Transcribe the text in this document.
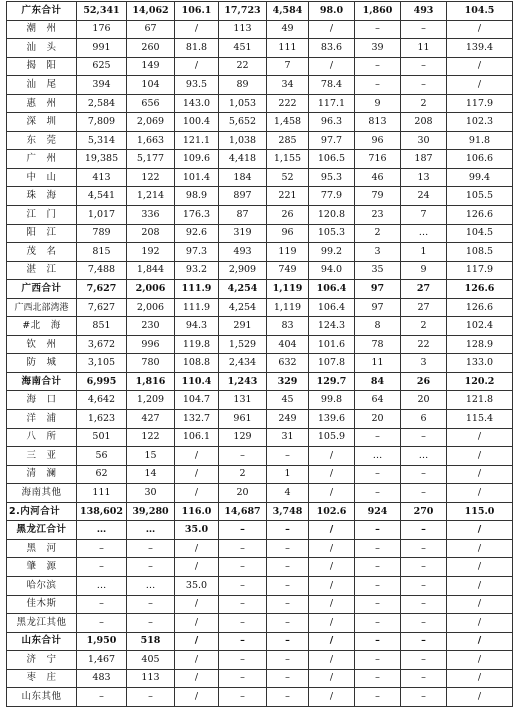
广东合计	52,341	14,062	106.1	17,723	4,584	98.0	1,860	493	104.5
潮　州	176	67	/	113	49	/	–	–	/
汕　头	991	260	81.8	451	111	83.6	39	11	139.4
揭　阳	625	149	/	22	7	/	–	–	/
汕　尾	394	104	93.5	89	34	78.4	–	–	/
惠　州	2,584	656	143.0	1,053	222	117.1	9	2	117.9
深　圳	7,809	2,069	100.4	5,652	1,458	96.3	813	208	102.3
东　莞	5,314	1,663	121.1	1,038	285	97.7	96	30	91.8
广　州	19,385	5,177	109.6	4,418	1,155	106.5	716	187	106.6
中　山	413	122	101.4	184	52	95.3	46	13	99.4
珠　海	4,541	1,214	98.9	897	221	77.9	79	24	105.5
江　门	1,017	336	176.3	87	26	120.8	23	7	126.6
阳　江	789	208	92.6	319	96	105.3	2	…	104.5
茂　名	815	192	97.3	493	119	99.2	3	1	108.5
湛　江	7,488	1,844	93.2	2,909	749	94.0	35	9	117.9
广西合计	7,627	2,006	111.9	4,254	1,119	106.4	97	27	126.6
广西北部湾港	7,627	2,006	111.9	4,254	1,119	106.4	97	27	126.6
#北　海	851	230	94.3	291	83	124.3	8	2	102.4
钦　州	3,672	996	119.8	1,529	404	101.6	78	22	128.9
防　城	3,105	780	108.8	2,434	632	107.8	11	3	133.0
海南合计	6,995	1,816	110.4	1,243	329	129.7	84	26	120.2
海　口	4,642	1,209	104.7	131	45	99.8	64	20	121.8
洋　浦	1,623	427	132.7	961	249	139.6	20	6	115.4
八　所	501	122	106.1	129	31	105.9	–	–	/
三　亚	56	15	/	–	–	/	…	…	/
清　澜	62	14	/	2	1	/	–	–	/
海南其他	111	30	/	20	4	/	–	–	/
2.内河合计	138,602	39,280	116.0	14,687	3,748	102.6	924	270	115.0
黑龙江合计	…	…	35.0	–	–	/	–	–	/
黑　河	–	–	/	–	–	/	–	–	/
肇　源	–	–	/	–	–	/	–	–	/
哈尔滨	…	…	35.0	–	–	/	–	–	/
佳木斯	–	–	/	–	–	/	–	–	/
黑龙江其他	–	–	/	–	–	/	–	–	/
山东合计	1,950	518	/	–	–	/	–	–	/
济　宁	1,467	405	/	–	–	/	–	–	/
枣　庄	483	113	/	–	–	/	–	–	/
山东其他	–	–	/	–	–	/	–	–	/
